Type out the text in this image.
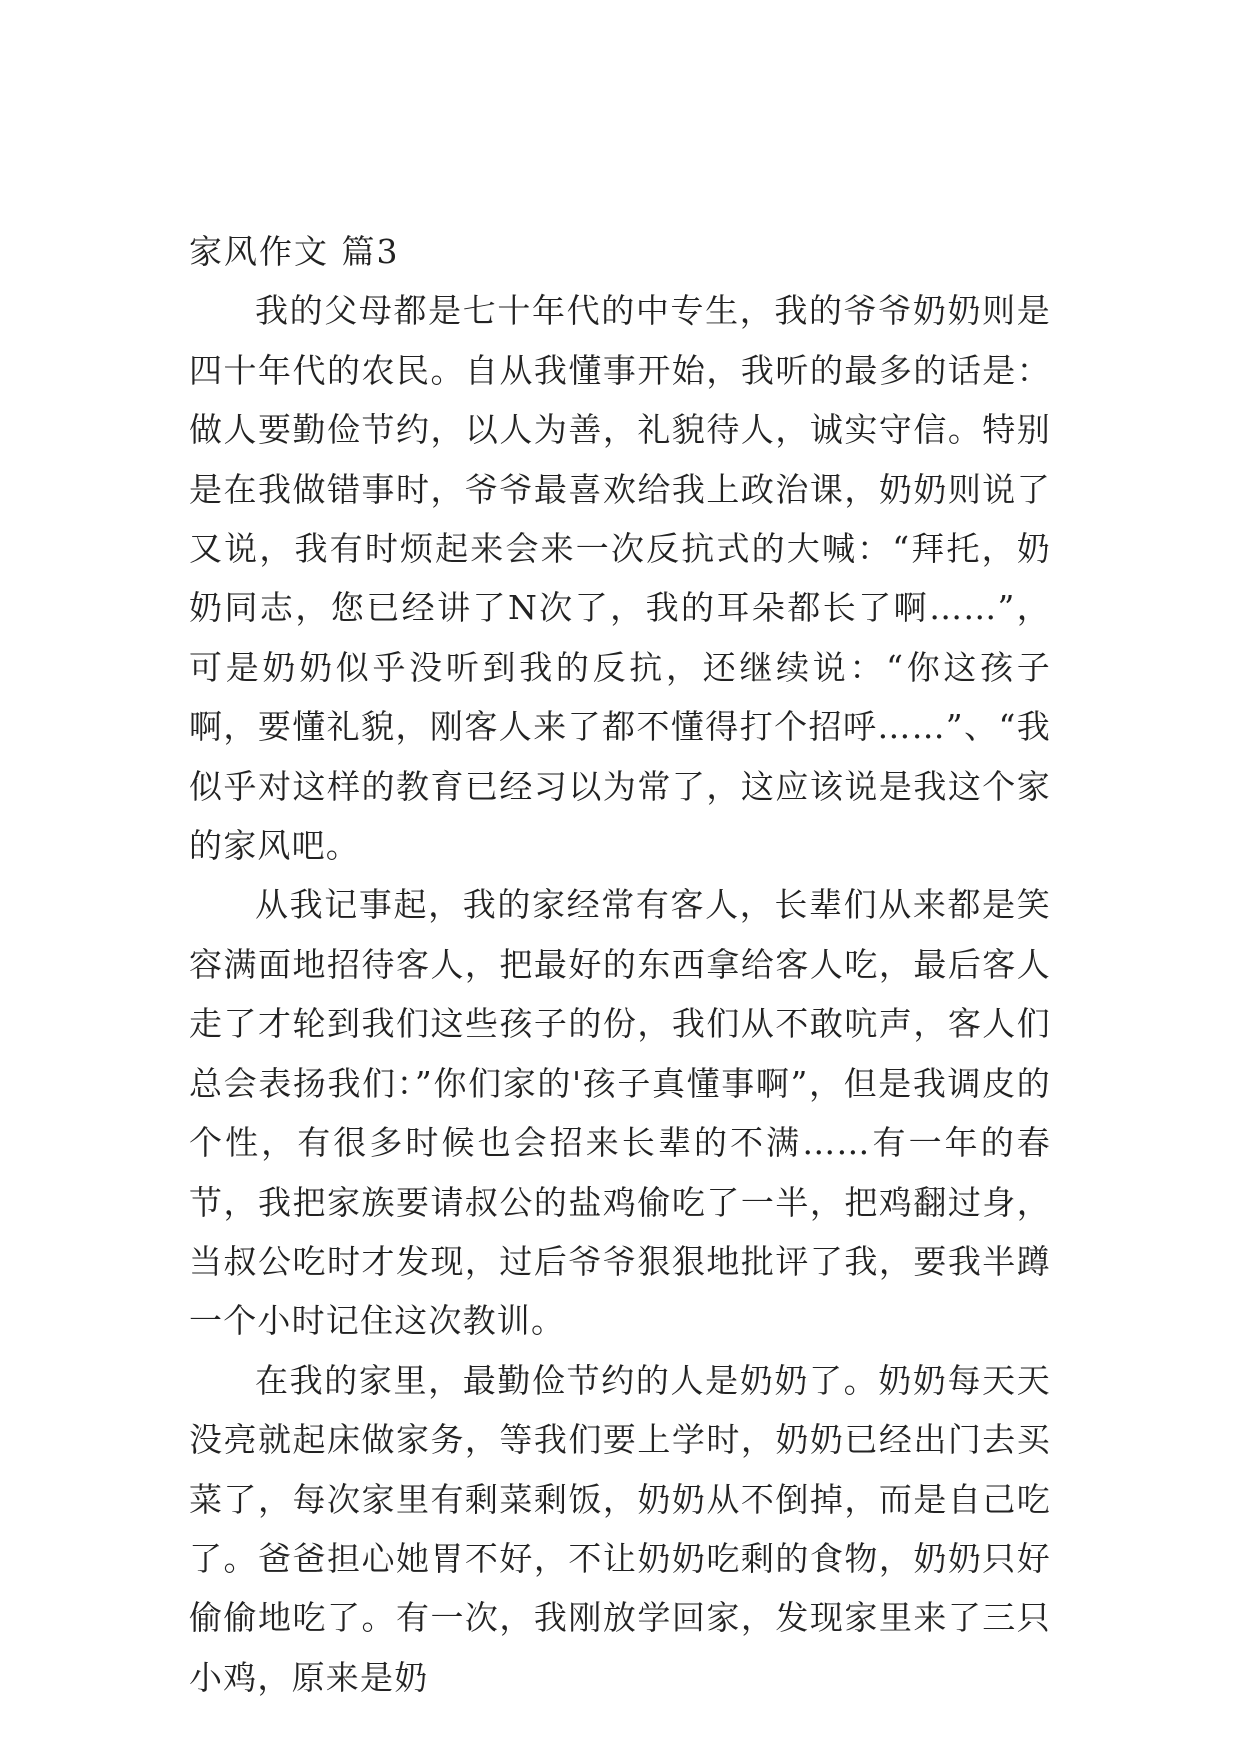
家风作文 篇3

我的父母都是七十年代的中专生，我的爷爷奶奶则是四十年代的农民。自从我懂事开始，我听的最多的话是：做人要勤俭节约，以人为善，礼貌待人，诚实守信。特别是在我做错事时，爷爷最喜欢给我上政治课，奶奶则说了又说，我有时烦起来会来一次反抗式的大喊：“拜托，奶奶同志，您已经讲了N次了，我的耳朵都长了啊……”，可是奶奶似乎没听到我的反抗，还继续说：“你这孩子啊，要懂礼貌，刚客人来了都不懂得打个招呼……”、“我似乎对这样的教育已经习以为常了，这应该说是我这个家的家风吧。

从我记事起，我的家经常有客人，长辈们从来都是笑容满面地招待客人，把最好的东西拿给客人吃，最后客人走了才轮到我们这些孩子的份，我们从不敢吭声，客人们总会表扬我们：”你们家的'孩子真懂事啊”，但是我调皮的个性，有很多时候也会招来长辈的不满……有一年的春节，我把家族要请叔公的盐鸡偷吃了一半，把鸡翻过身，当叔公吃时才发现，过后爷爷狠狠地批评了我，要我半蹲一个小时记住这次教训。

在我的家里，最勤俭节约的人是奶奶了。奶奶每天天没亮就起床做家务，等我们要上学时，奶奶已经出门去买菜了，每次家里有剩菜剩饭，奶奶从不倒掉，而是自己吃了。爸爸担心她胃不好，不让奶奶吃剩的食物，奶奶只好偷偷地吃了。有一次，我刚放学回家，发现家里来了三只小鸡，原来是奶
